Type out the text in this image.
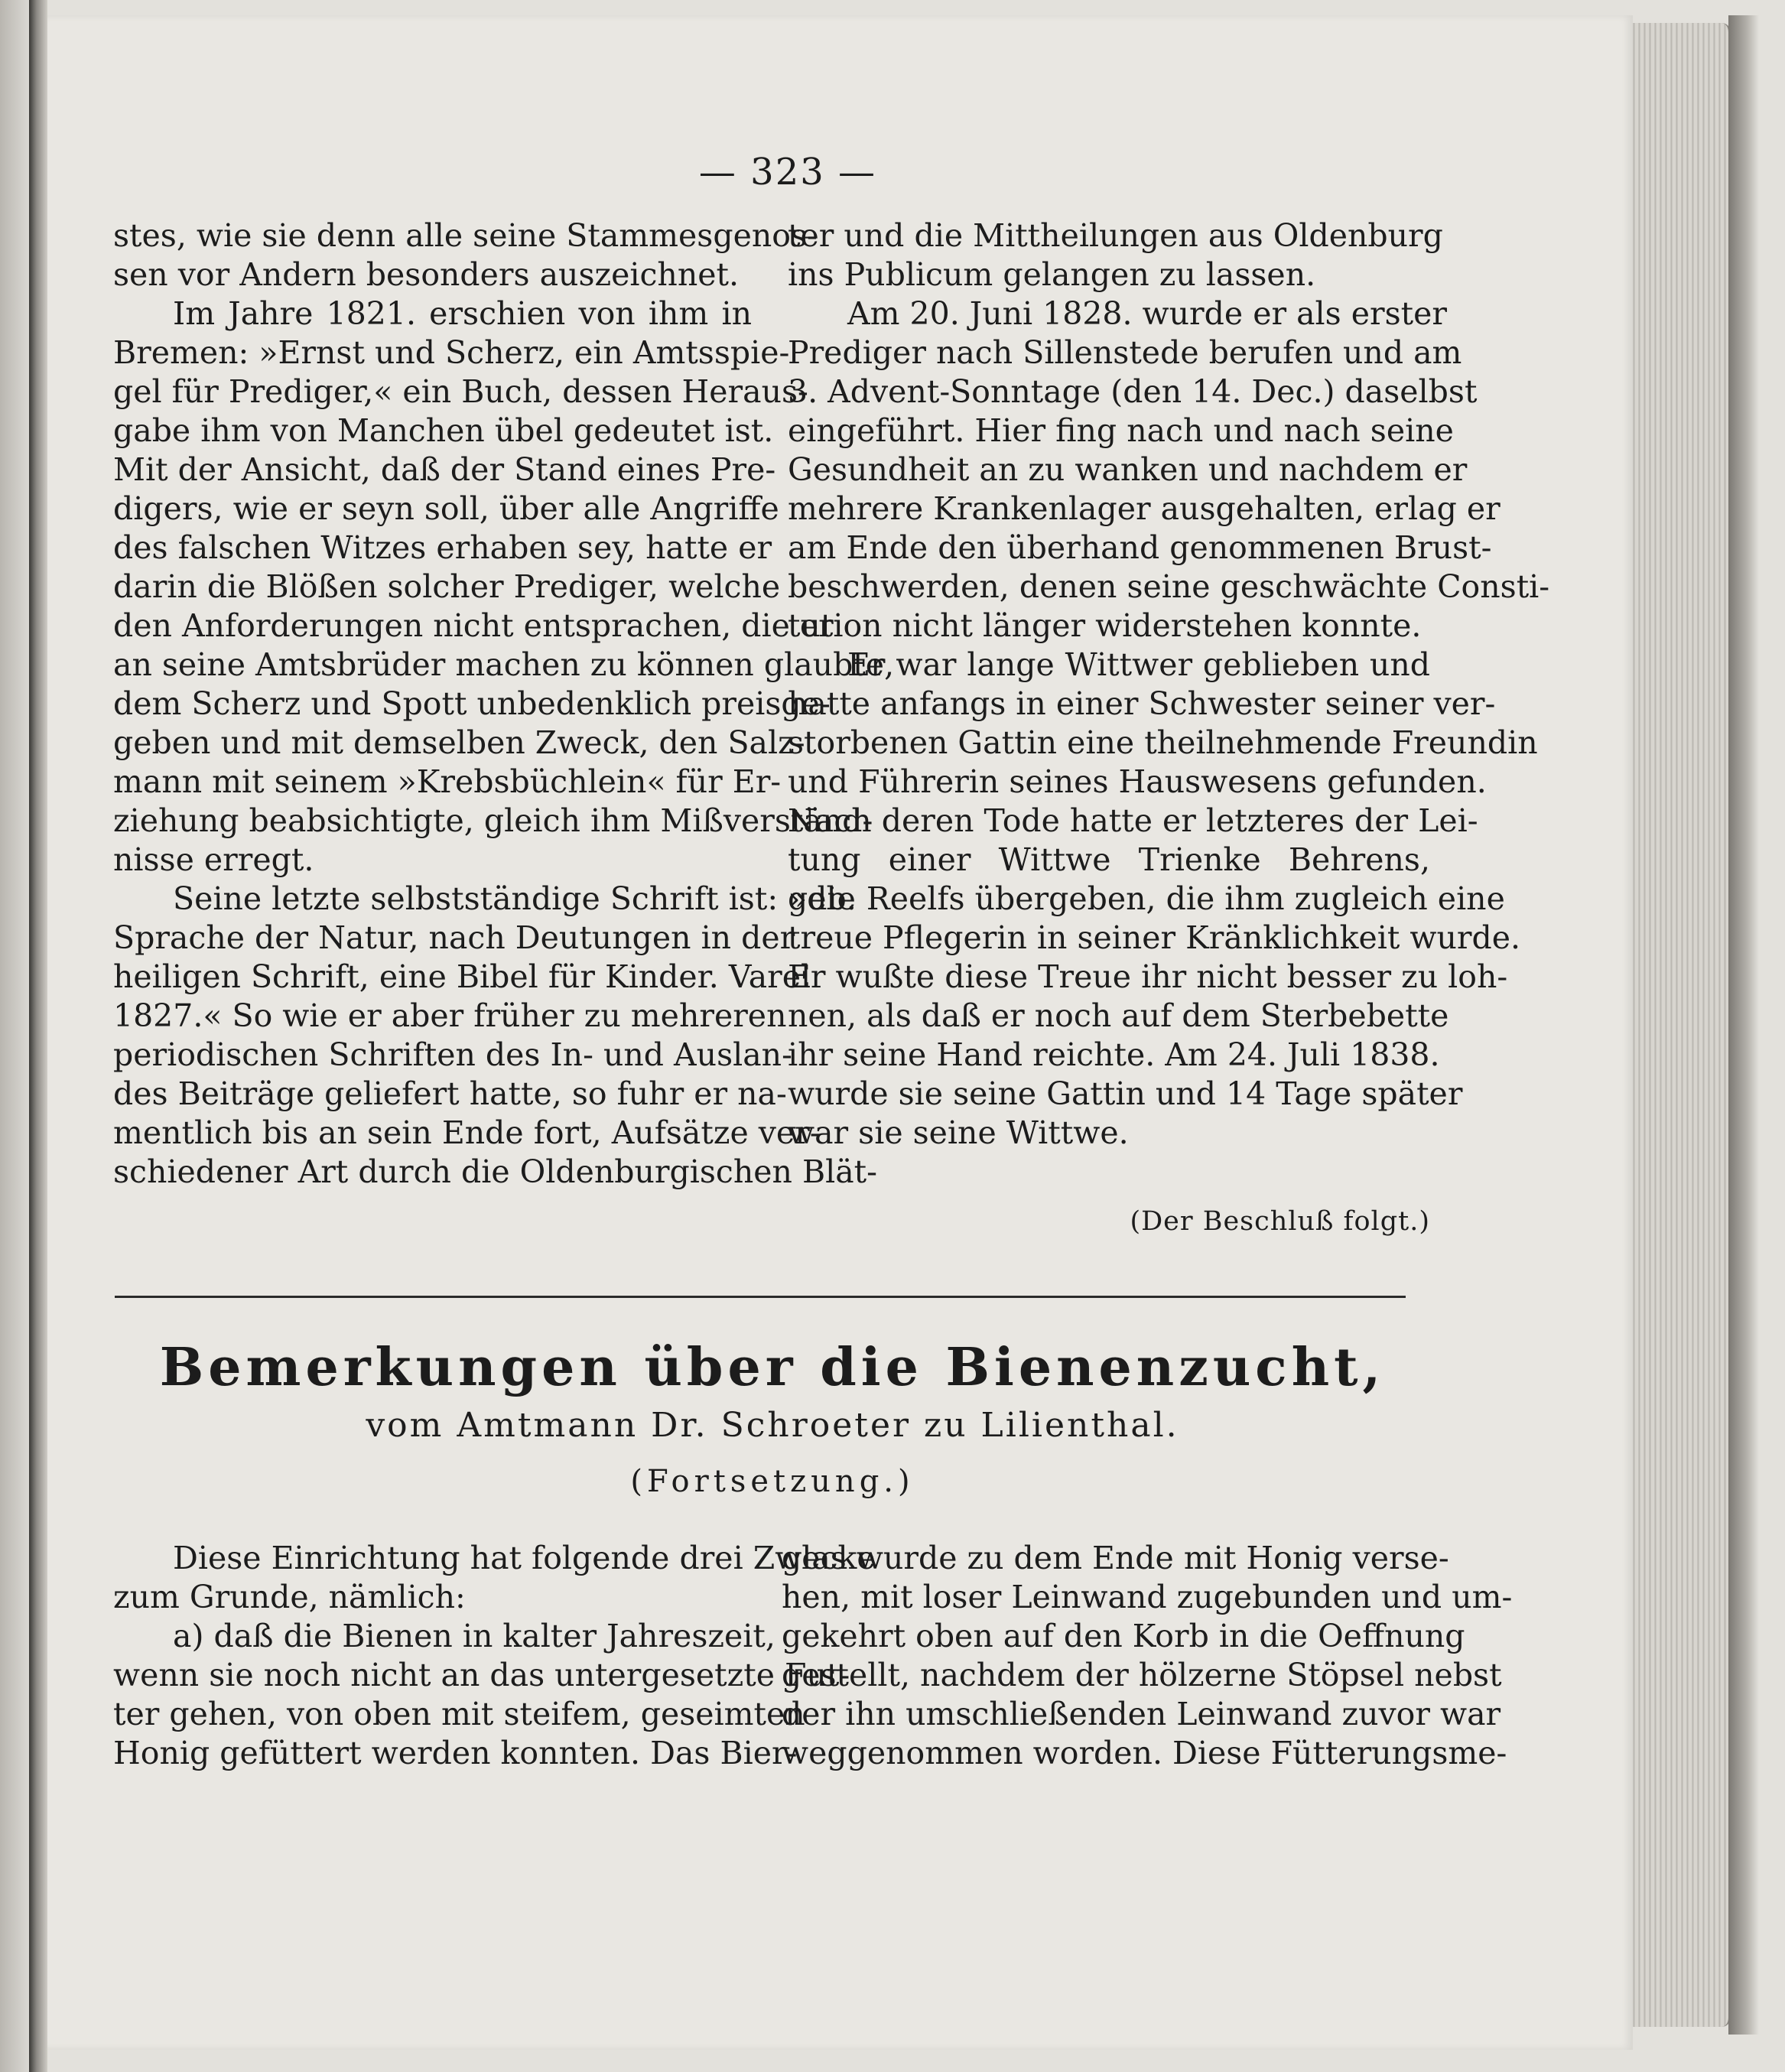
— 323 —
stes, wie sie denn alle seine Stammesgenos-
sen vor Andern besonders auszeichnet.
Im Jahre 1821. erschien von ihm in
Bremen: »Ernst und Scherz, ein Amtsspie-
gel für Prediger,« ein Buch, dessen Heraus-
gabe ihm von Manchen übel gedeutet ist.
Mit der Ansicht, daß der Stand eines Pre-
digers, wie er seyn soll, über alle Angriffe
des falschen Witzes erhaben sey, hatte er
darin die Blößen solcher Prediger, welche
den Anforderungen nicht entsprachen, die er
an seine Amtsbrüder machen zu können glaubte,
dem Scherz und Spott unbedenklich preisge-
geben und mit demselben Zweck, den Salz-
mann mit seinem »Krebsbüchlein« für Er-
ziehung beabsichtigte, gleich ihm Mißverständ-
nisse erregt.
Seine letzte selbstständige Schrift ist: »die
Sprache der Natur, nach Deutungen in der
heiligen Schrift, eine Bibel für Kinder. Varel
1827.« So wie er aber früher zu mehreren
periodischen Schriften des In- und Auslan-
des Beiträge geliefert hatte, so fuhr er na-
mentlich bis an sein Ende fort, Aufsätze ver-
schiedener Art durch die Oldenburgischen Blät-
ter und die Mittheilungen aus Oldenburg
ins Publicum gelangen zu lassen.
Am 20. Juni 1828. wurde er als erster
Prediger nach Sillenstede berufen und am
3. Advent-Sonntage (den 14. Dec.) daselbst
eingeführt. Hier fing nach und nach seine
Gesundheit an zu wanken und nachdem er
mehrere Krankenlager ausgehalten, erlag er
am Ende den überhand genommenen Brust-
beschwerden, denen seine geschwächte Consti-
tution nicht länger widerstehen konnte.
Er war lange Wittwer geblieben und
hatte anfangs in einer Schwester seiner ver-
storbenen Gattin eine theilnehmende Freundin
und Führerin seines Hauswesens gefunden.
Nach deren Tode hatte er letzteres der Lei-
tung einer Wittwe Trienke Behrens,
geb. Reelfs übergeben, die ihm zugleich eine
treue Pflegerin in seiner Kränklichkeit wurde.
Er wußte diese Treue ihr nicht besser zu loh-
nen, als daß er noch auf dem Sterbebette
ihr seine Hand reichte. Am 24. Juli 1838.
wurde sie seine Gattin und 14 Tage später
war sie seine Wittwe.
(Der Beschluß folgt.)
Bemerkungen über die Bienenzucht,
vom Amtmann Dr. Schroeter zu Lilienthal.
(Fortsetzung.)
Diese Einrichtung hat folgende drei Zwecke
zum Grunde, nämlich:
a) daß die Bienen in kalter Jahreszeit,
wenn sie noch nicht an das untergesetzte Fut-
ter gehen, von oben mit steifem, geseimten
Honig gefüttert werden konnten. Das Bier-
glas wurde zu dem Ende mit Honig verse-
hen, mit loser Leinwand zugebunden und um-
gekehrt oben auf den Korb in die Oeffnung
gestellt, nachdem der hölzerne Stöpsel nebst
der ihn umschließenden Leinwand zuvor war
weggenommen worden. Diese Fütterungsme-
